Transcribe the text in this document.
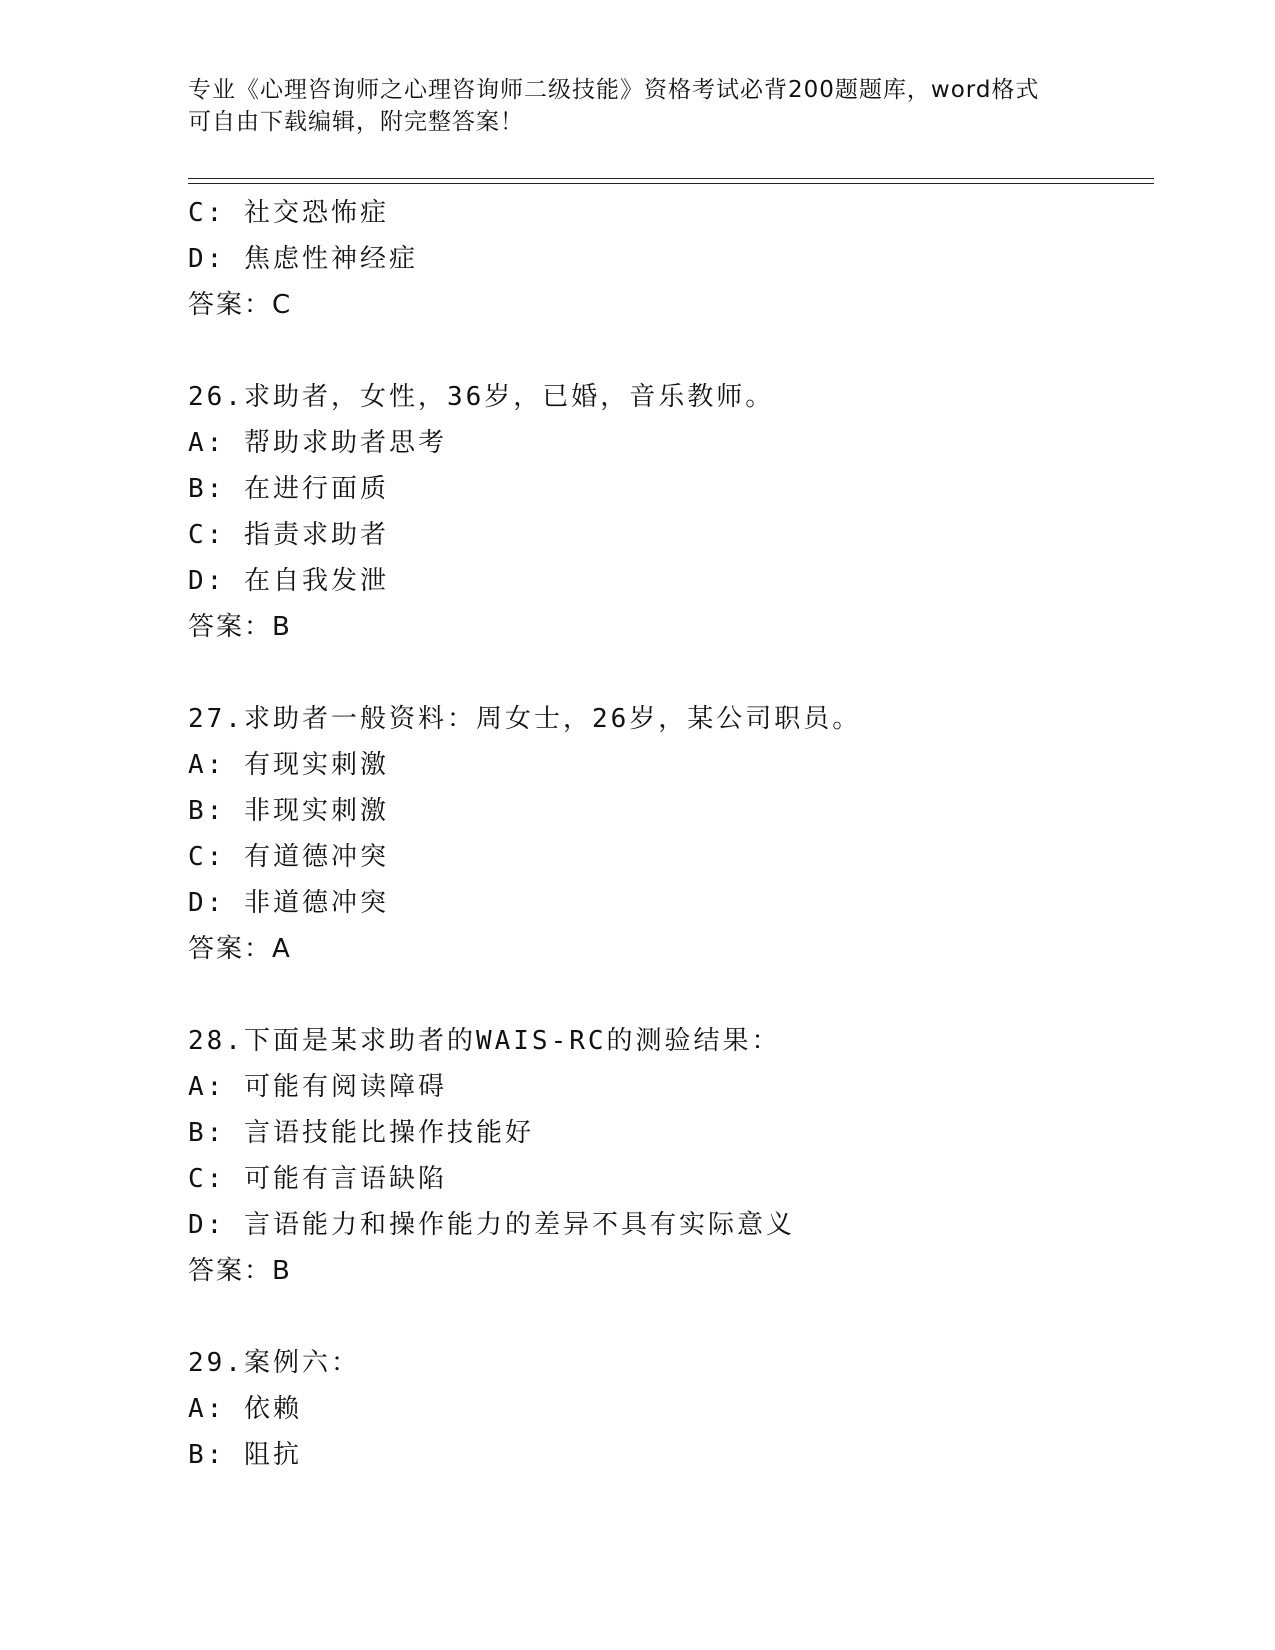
专业《心理咨询师之心理咨询师二级技能》资格考试必背200题题库，word格式
可自由下载编辑，附完整答案！
C: 社交恐怖症
D: 焦虑性神经症
答案：C
26.求助者，女性，36岁，已婚，音乐教师。
A: 帮助求助者思考
B: 在进行面质
C: 指责求助者
D: 在自我发泄
答案：B
27.求助者一般资料：周女士，26岁，某公司职员。
A: 有现实刺激
B: 非现实刺激
C: 有道德冲突
D: 非道德冲突
答案：A
28.下面是某求助者的WAIS-RC的测验结果：
A: 可能有阅读障碍
B: 言语技能比操作技能好
C: 可能有言语缺陷
D: 言语能力和操作能力的差异不具有实际意义
答案：B
29.案例六：
A: 依赖
B: 阻抗
